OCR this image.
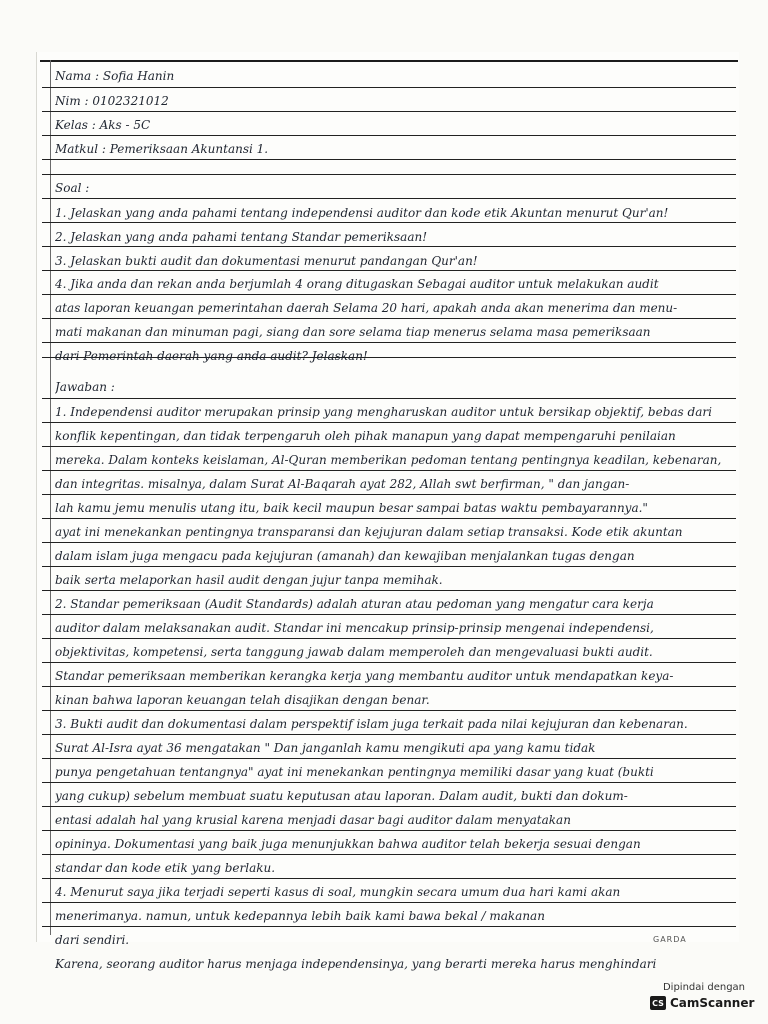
Nama : Sofia Hanin
Nim : 0102321012
Kelas : Aks - 5C
Matkul : Pemeriksaan Akuntansi 1.
Soal :
1. Jelaskan yang anda pahami tentang independensi auditor dan kode etik Akuntan menurut Qur'an!
2. Jelaskan yang anda pahami tentang Standar pemeriksaan!
3. Jelaskan bukti audit dan dokumentasi menurut pandangan Qur'an!
4. Jika anda dan rekan anda berjumlah 4 orang ditugaskan Sebagai auditor untuk melakukan audit
atas laporan keuangan pemerintahan daerah Selama 20 hari, apakah anda akan menerima dan menu-
mati makanan dan minuman pagi, siang dan sore selama tiap menerus selama masa pemeriksaan
dari Pemerintah daerah yang anda audit? Jelaskan!
Jawaban :
1. Independensi auditor merupakan prinsip yang mengharuskan auditor untuk bersikap objektif, bebas dari
konflik kepentingan, dan tidak terpengaruh oleh pihak manapun yang dapat mempengaruhi penilaian
mereka. Dalam konteks keislaman, Al-Quran memberikan pedoman tentang pentingnya keadilan, kebenaran,
dan integritas. misalnya, dalam Surat Al-Baqarah ayat 282, Allah swt berfirman, " dan jangan-
lah kamu jemu menulis utang itu, baik kecil maupun besar sampai batas waktu pembayarannya."
ayat ini menekankan pentingnya transparansi dan kejujuran dalam setiap transaksi. Kode etik akuntan
dalam islam juga mengacu pada kejujuran (amanah) dan kewajiban menjalankan tugas dengan
baik serta melaporkan hasil audit dengan jujur tanpa memihak.
2. Standar pemeriksaan (Audit Standards) adalah aturan atau pedoman yang mengatur cara kerja
auditor dalam melaksanakan audit. Standar ini mencakup prinsip-prinsip mengenai independensi,
objektivitas, kompetensi, serta tanggung jawab dalam memperoleh dan mengevaluasi bukti audit.
Standar pemeriksaan memberikan kerangka kerja yang membantu auditor untuk mendapatkan keya-
kinan bahwa laporan keuangan telah disajikan dengan benar.
3. Bukti audit dan dokumentasi dalam perspektif islam juga terkait pada nilai kejujuran dan kebenaran.
Surat Al-Isra ayat 36 mengatakan " Dan janganlah kamu mengikuti apa yang kamu tidak
punya pengetahuan tentangnya" ayat ini menekankan pentingnya memiliki dasar yang kuat (bukti
yang cukup) sebelum membuat suatu keputusan atau laporan. Dalam audit, bukti dan dokum-
entasi adalah hal yang krusial karena menjadi dasar bagi auditor dalam menyatakan
opininya. Dokumentasi yang baik juga menunjukkan bahwa auditor telah bekerja sesuai dengan
standar dan kode etik yang berlaku.
4. Menurut saya jika terjadi seperti kasus di soal, mungkin secara umum dua hari kami akan
menerimanya. namun, untuk kedepannya lebih baik kami bawa bekal / makanan
dari sendiri.
Karena, seorang auditor harus menjaga independensinya, yang berarti mereka harus menghindari
GARDA
Dipindai dengan
CS CamScanner
